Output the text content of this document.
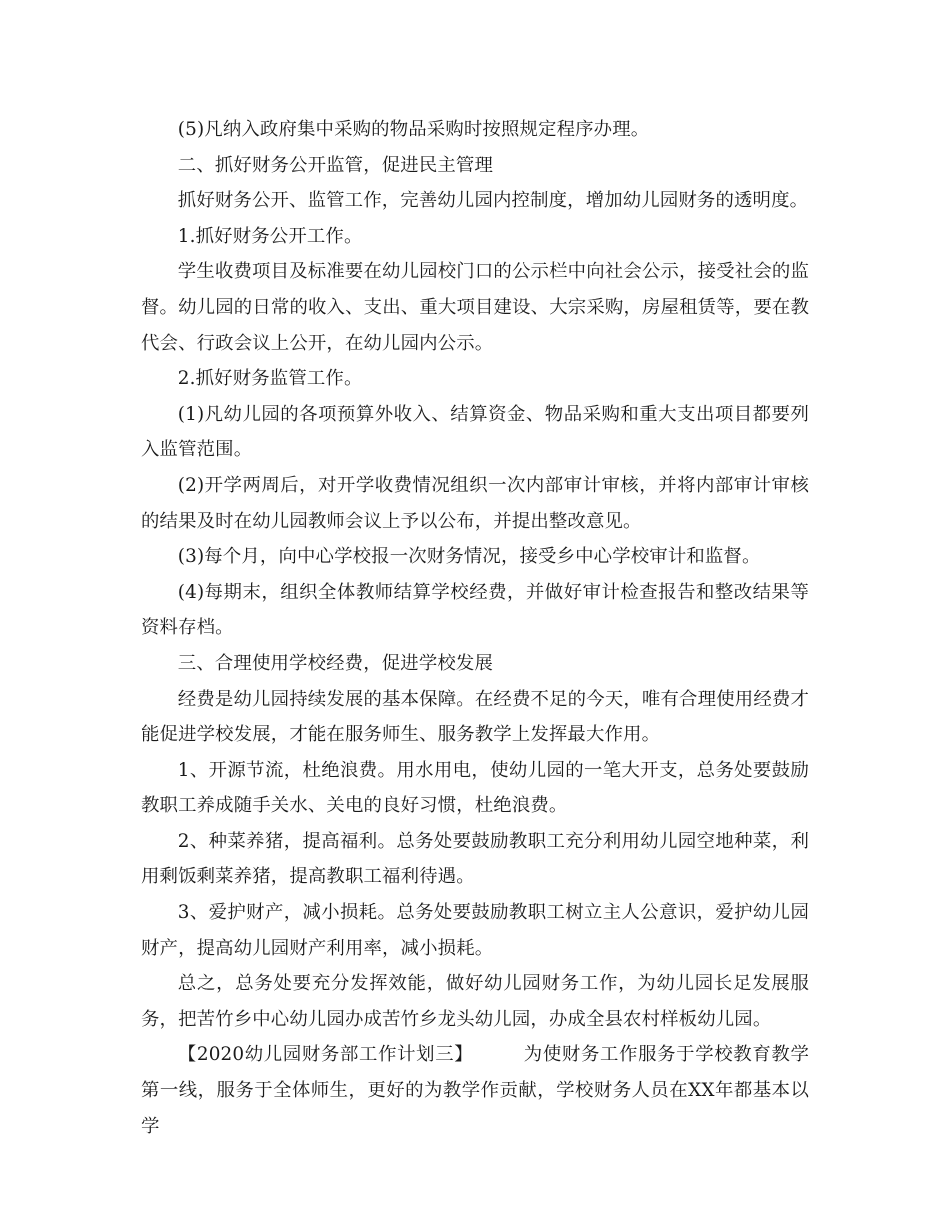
(5)凡纳入政府集中采购的物品采购时按照规定程序办理。

二、抓好财务公开监管，促进民主管理

抓好财务公开、监管工作，完善幼儿园内控制度，增加幼儿园财务的透明度。

1.抓好财务公开工作。

学生收费项目及标准要在幼儿园校门口的公示栏中向社会公示，接受社会的监督。幼儿园的日常的收入、支出、重大项目建设、大宗采购，房屋租赁等，要在教代会、行政会议上公开，在幼儿园内公示。

2.抓好财务监管工作。

(1)凡幼儿园的各项预算外收入、结算资金、物品采购和重大支出项目都要列入监管范围。

(2)开学两周后，对开学收费情况组织一次内部审计审核，并将内部审计审核的结果及时在幼儿园教师会议上予以公布，并提出整改意见。

(3)每个月，向中心学校报一次财务情况，接受乡中心学校审计和监督。

(4)每期末，组织全体教师结算学校经费，并做好审计检查报告和整改结果等资料存档。

三、合理使用学校经费，促进学校发展

经费是幼儿园持续发展的基本保障。在经费不足的今天，唯有合理使用经费才能促进学校发展，才能在服务师生、服务教学上发挥最大作用。

1、开源节流，杜绝浪费。用水用电，使幼儿园的一笔大开支，总务处要鼓励教职工养成随手关水、关电的良好习惯，杜绝浪费。

2、种菜养猪，提高福利。总务处要鼓励教职工充分利用幼儿园空地种菜，利用剩饭剩菜养猪，提高教职工福利待遇。

3、爱护财产，减小损耗。总务处要鼓励教职工树立主人公意识，爱护幼儿园财产，提高幼儿园财产利用率，减小损耗。

总之，总务处要充分发挥效能，做好幼儿园财务工作，为幼儿园长足发展服务，把苦竹乡中心幼儿园办成苦竹乡龙头幼儿园，办成全县农村样板幼儿园。

【2020幼儿园财务部工作计划三】	为使财务工作服务于学校教育教学第一线，服务于全体师生，更好的为教学作贡献，学校财务人员在XX年都基本以学
